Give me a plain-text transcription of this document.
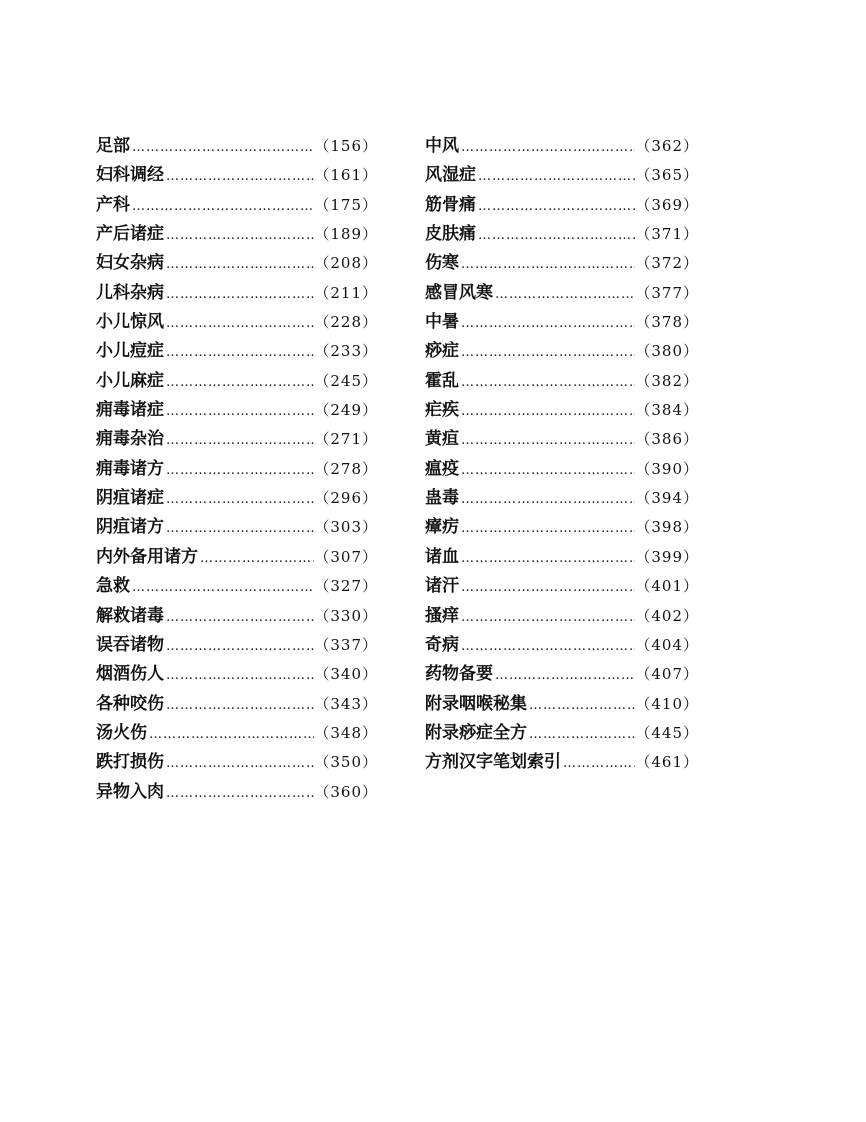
足部 ………………………………………………………………	（156）
妇科调经 ………………………………………………………………	（161）
产科 ………………………………………………………………	（175）
产后诸症 ………………………………………………………………	（189）
妇女杂病 ………………………………………………………………	（208）
儿科杂病 ………………………………………………………………	（211）
小儿惊风 ………………………………………………………………	（228）
小儿痘症 ………………………………………………………………	（233）
小儿麻症 ………………………………………………………………	（245）
痈毒诸症 ………………………………………………………………	（249）
痈毒杂治 ………………………………………………………………	（271）
痈毒诸方 ………………………………………………………………	（278）
阴疽诸症 ………………………………………………………………	（296）
阴疽诸方 ………………………………………………………………	（303）
内外备用诸方 ………………………………………………………………	（307）
急救 ………………………………………………………………	（327）
解救诸毒 ………………………………………………………………	（330）
误吞诸物 ………………………………………………………………	（337）
烟酒伤人 ………………………………………………………………	（340）
各种咬伤 ………………………………………………………………	（343）
汤火伤 ………………………………………………………………	（348）
跌打损伤 ………………………………………………………………	（350）
异物入肉 ………………………………………………………………	（360）
中风 ………………………………………………………………	（362）
风湿症 ………………………………………………………………	（365）
筋骨痛 ………………………………………………………………	（369）
皮肤痛 ………………………………………………………………	（371）
伤寒 ………………………………………………………………	（372）
感冒风寒 ………………………………………………………………	（377）
中暑 ………………………………………………………………	（378）
痧症 ………………………………………………………………	（380）
霍乱 ………………………………………………………………	（382）
疟疾 ………………………………………………………………	（384）
黄疸 ………………………………………………………………	（386）
瘟疫 ………………………………………………………………	（390）
蛊毒 ………………………………………………………………	（394）
瘴疠 ………………………………………………………………	（398）
诸血 ………………………………………………………………	（399）
诸汗 ………………………………………………………………	（401）
搔痒 ………………………………………………………………	（402）
奇病 ………………………………………………………………	（404）
药物备要 ………………………………………………………………	（407）
附录咽喉秘集 ………………………………………………………………	（410）
附录痧症全方 ………………………………………………………………	（445）
方剂汉字笔划索引 ………………………………………………………………	（461）
